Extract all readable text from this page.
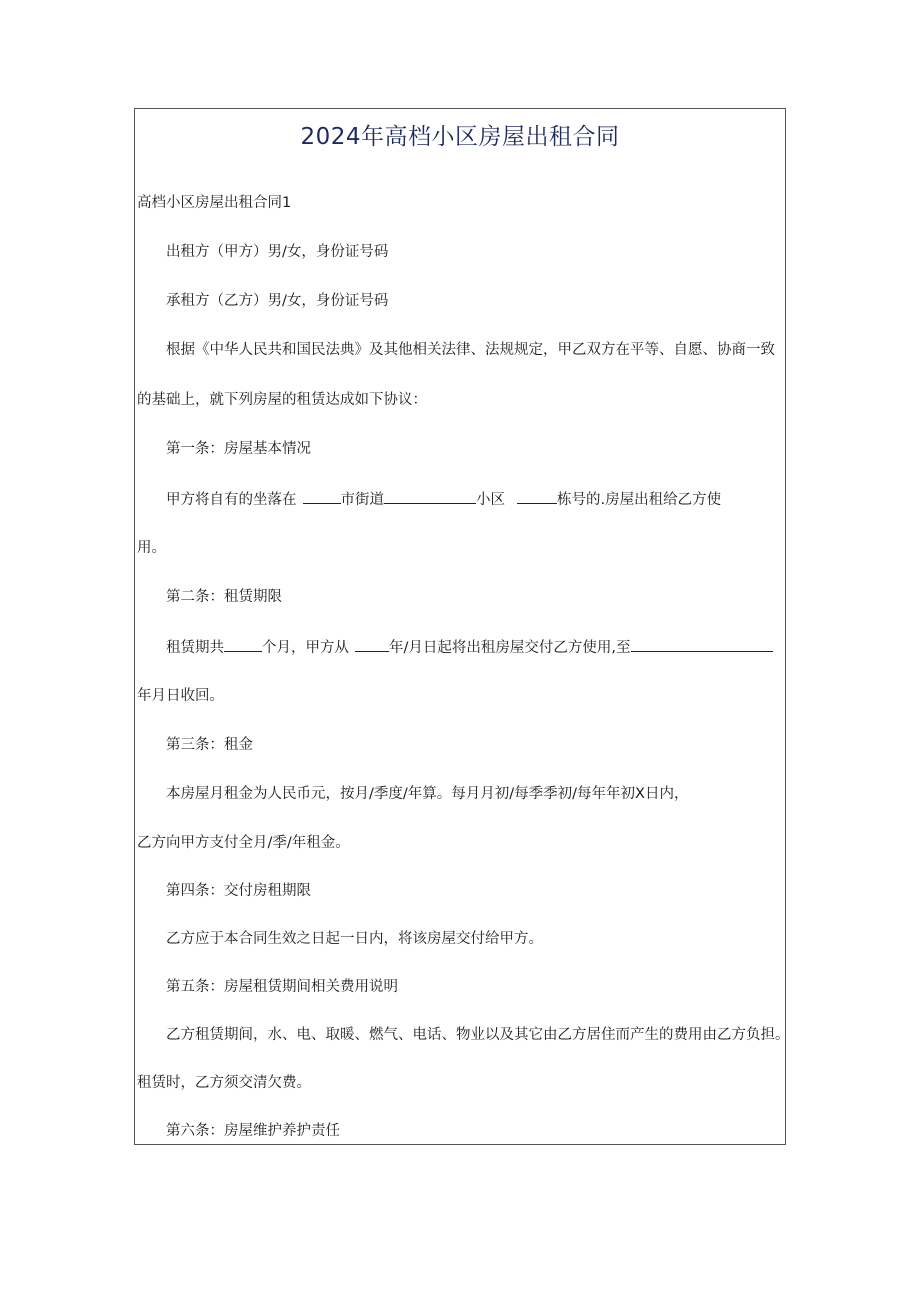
2024年高档小区房屋出租合同
高档小区房屋出租合同1
出租方（甲方）男/女，身份证号码
承租方（乙方）男/女，身份证号码
根据《中华人民共和国民法典》及其他相关法律、法规规定，甲乙双方在平等、自愿、协商一致
的基础上，就下列房屋的租赁达成如下协议：
第一条：房屋基本情况
甲方将自有的坐落在	市街道	小区	栋号的.房屋出租给乙方使
用。
第二条：租赁期限
租赁期共	个月，甲方从	年/月日起将出租房屋交付乙方使用,至
年月日收回。
第三条：租金
本房屋月租金为人民币元，按月/季度/年算。每月月初/每季季初/每年年初X日内，
乙方向甲方支付全月/季/年租金。
第四条：交付房租期限
乙方应于本合同生效之日起一日内，将该房屋交付给甲方。
第五条：房屋租赁期间相关费用说明
乙方租赁期间，水、电、取暖、燃气、电话、物业以及其它由乙方居住而产生的费用由乙方负担。
租赁时，乙方须交清欠费。
第六条：房屋维护养护责任
